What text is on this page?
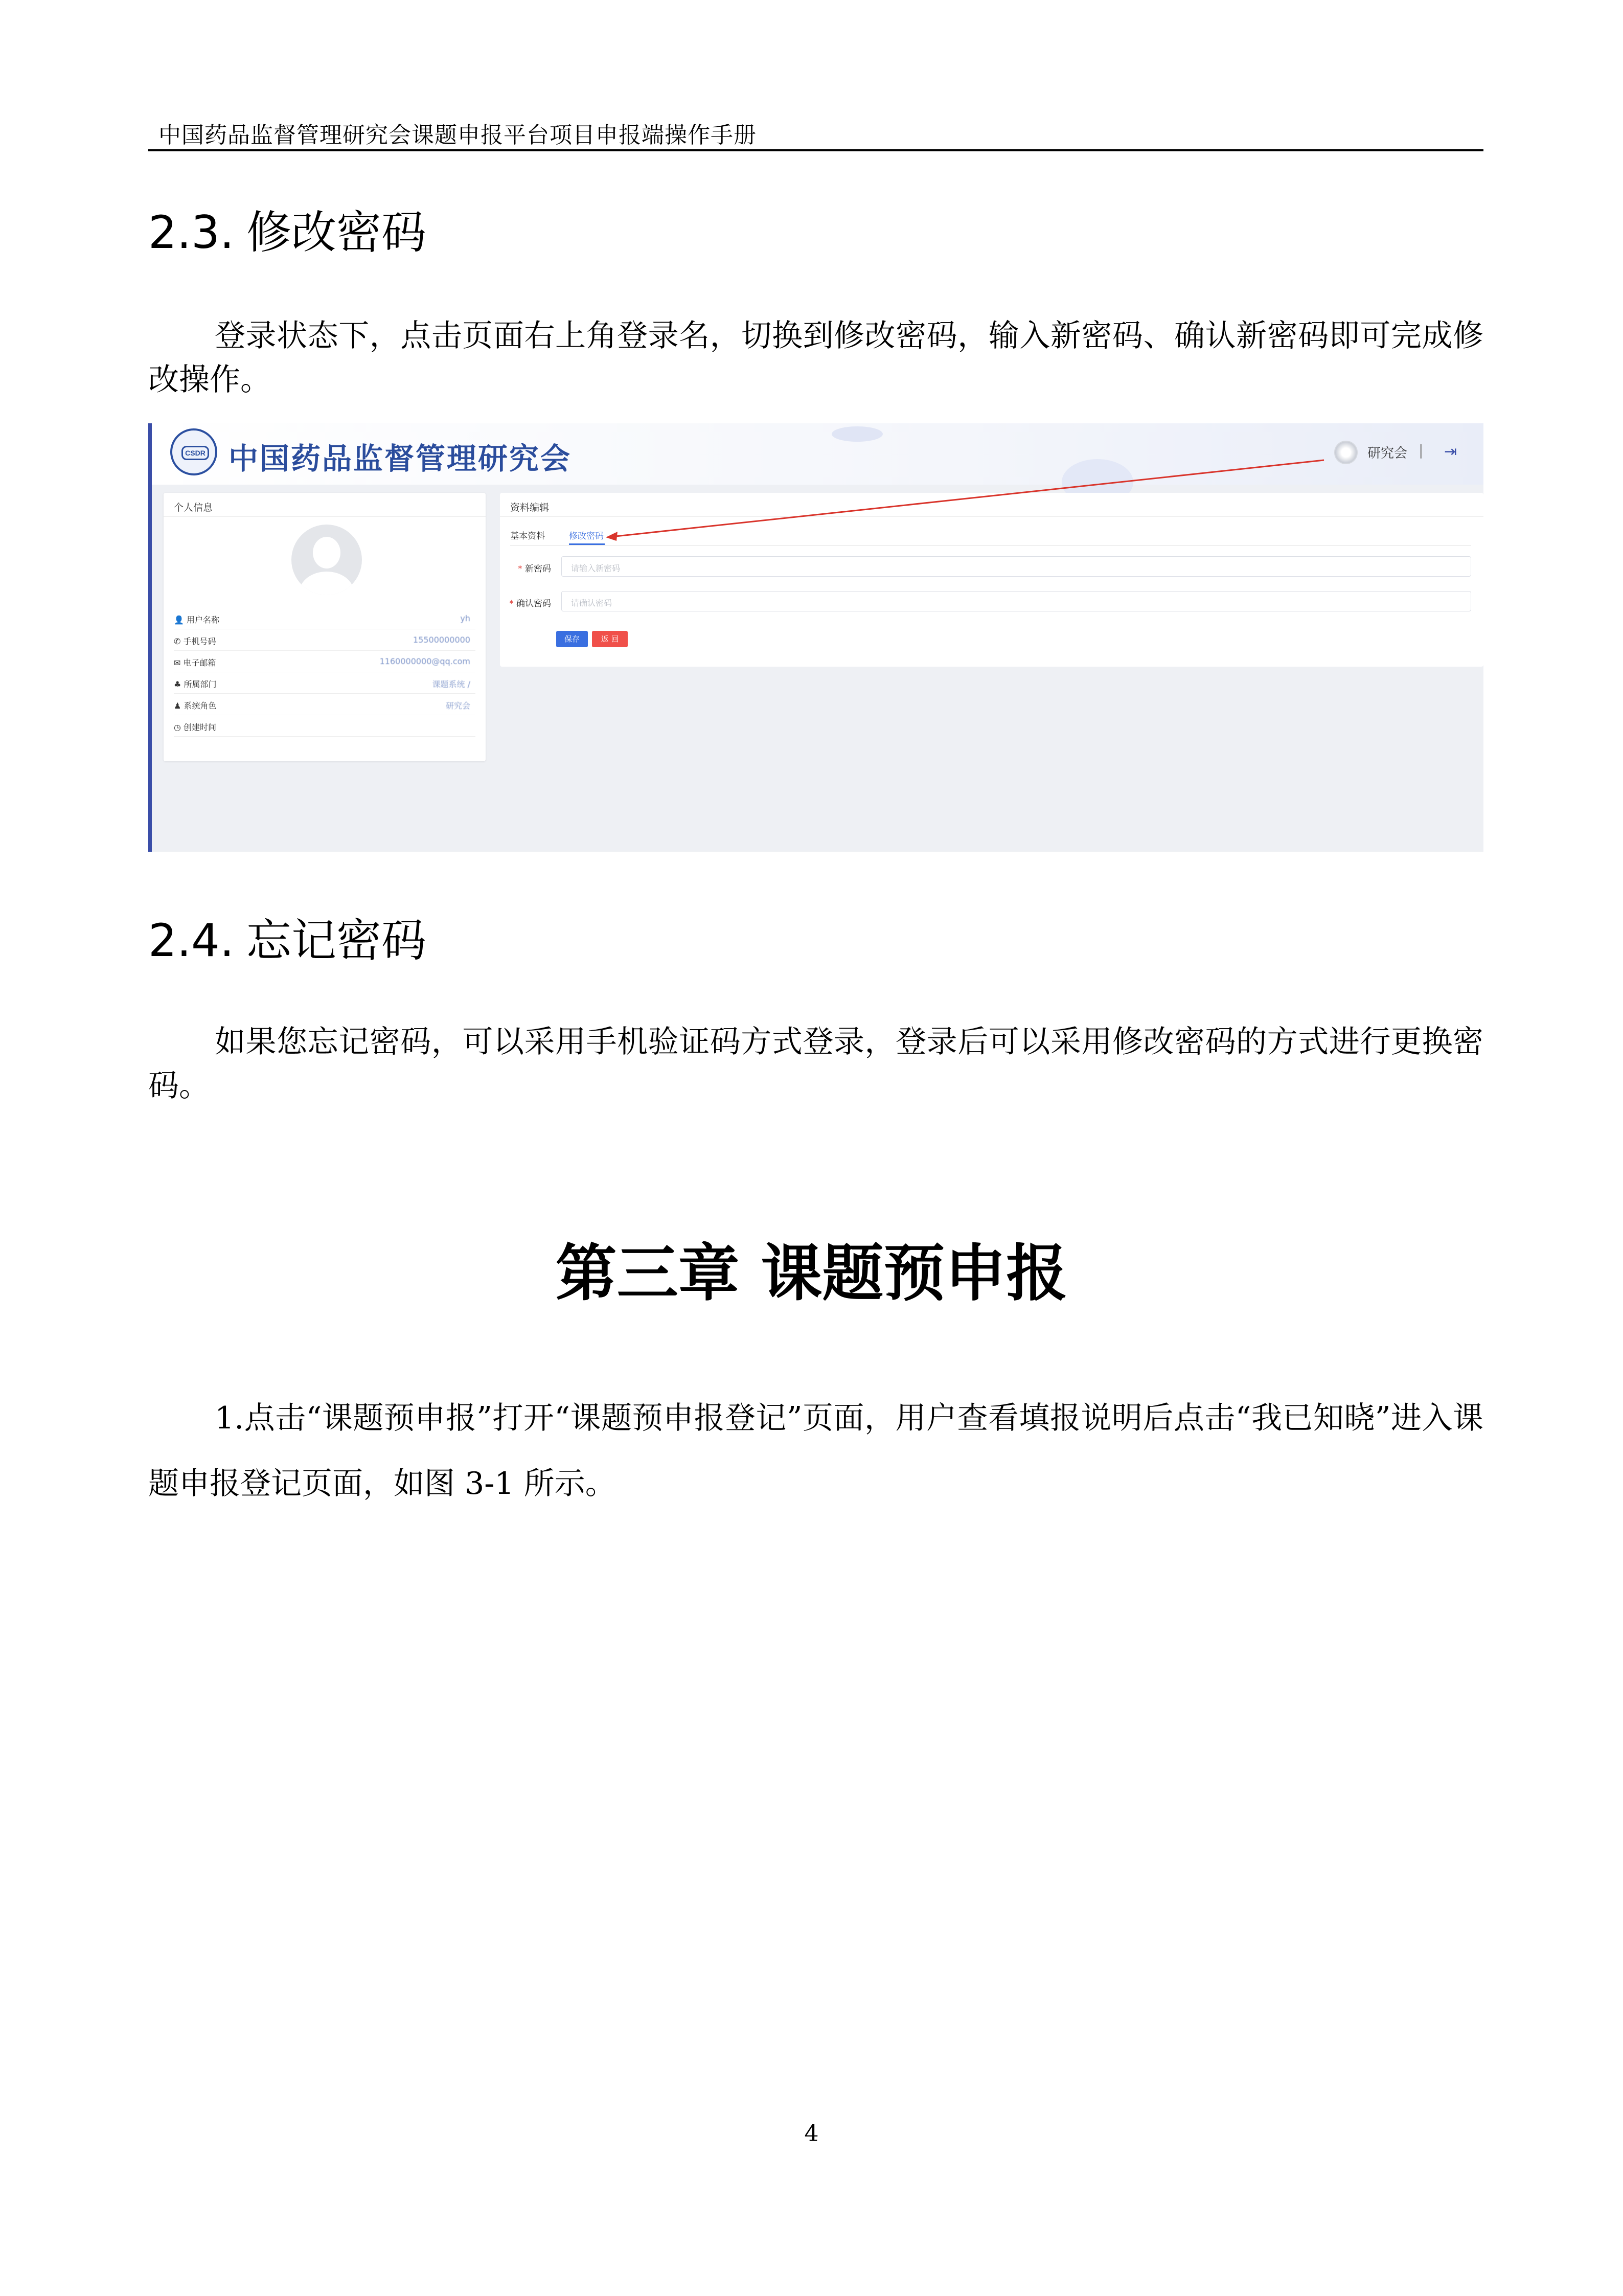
中国药品监督管理研究会课题申报平台项目申报端操作手册
2.3. 修改密码
登录状态下，点击页面右上角登录名，切换到修改密码，输入新密码、确认新密码即可完成修改操作。
CSDR 中国药品监督管理研究会	研究会 | ⇥
个人信息
👤 用户名称	yh
✆ 手机号码	15500000000
✉ 电子邮箱	1160000000@qq.com
♣ 所属部门	课题系统 /
♟ 系统角色	研究会
◷ 创建时间
资料编辑
基本资料	修改密码
* 新密码 请输入新密码
* 确认密码 请确认密码
保存	返 回
2.4. 忘记密码
如果您忘记密码，可以采用手机验证码方式登录，登录后可以采用修改密码的方式进行更换密码。
第三章 课题预申报
1.点击“课题预申报”打开“课题预申报登记”页面，用户查看填报说明后点击“我已知晓”进入课题申报登记页面，如图 3-1 所示。
4
